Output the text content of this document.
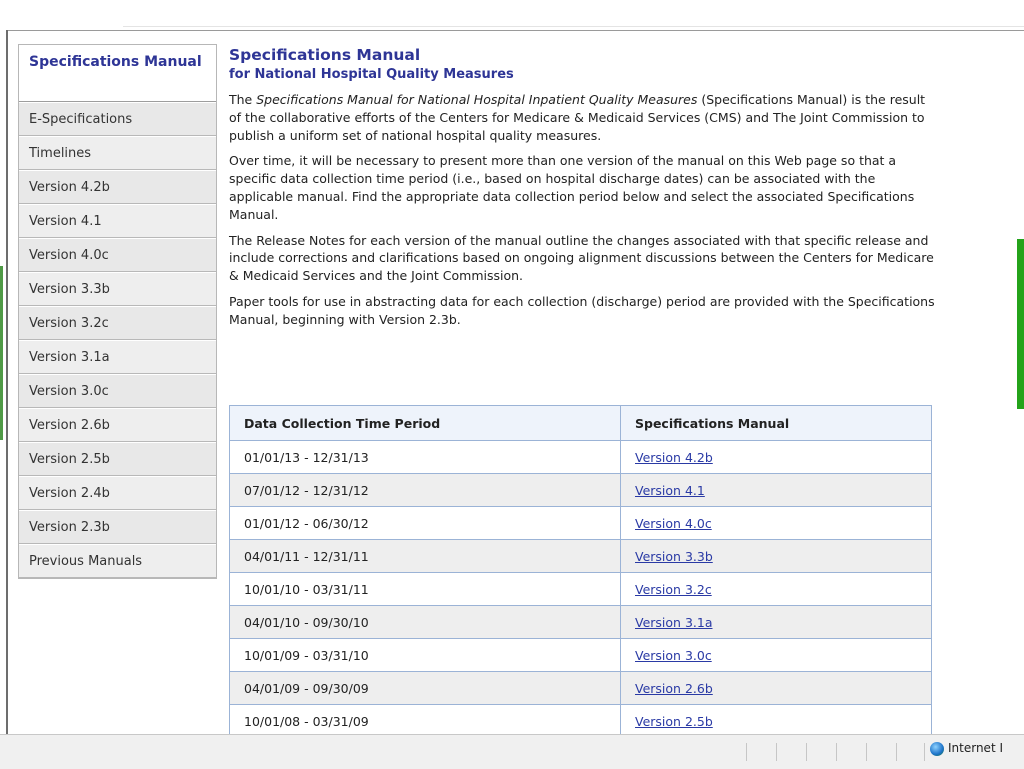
Specifications Manual
E-Specifications
Timelines
Version 4.2b
Version 4.1
Version 4.0c
Version 3.3b
Version 3.2c
Version 3.1a
Version 3.0c
Version 2.6b
Version 2.5b
Version 2.4b
Version 2.3b
Previous Manuals
Specifications Manual
for National Hospital Quality Measures

The Specifications Manual for National Hospital Inpatient Quality Measures (Specifications Manual) is the result of the collaborative efforts of the Centers for Medicare & Medicaid Services (CMS) and The Joint Commission to publish a uniform set of national hospital quality measures.

Over time, it will be necessary to present more than one version of the manual on this Web page so that a specific data collection time period (i.e., based on hospital discharge dates) can be associated with the applicable manual. Find the appropriate data collection period below and select the associated Specifications Manual.

The Release Notes for each version of the manual outline the changes associated with that specific release and include corrections and clarifications based on ongoing alignment discussions between the Centers for Medicare & Medicaid Services and the Joint Commission.

Paper tools for use in abstracting data for each collection (discharge) period are provided with the Specifications Manual, beginning with Version 2.3b.

Data Collection Time Period	Specifications Manual
01/01/13 - 12/31/13	Version 4.2b
07/01/12 - 12/31/12	Version 4.1
01/01/12 - 06/30/12	Version 4.0c
04/01/11 - 12/31/11	Version 3.3b
10/01/10 - 03/31/11	Version 3.2c
04/01/10 - 09/30/10	Version 3.1a
10/01/09 - 03/31/10	Version 3.0c
04/01/09 - 09/30/09	Version 2.6b
10/01/08 - 03/31/09	Version 2.5b
Internet I
